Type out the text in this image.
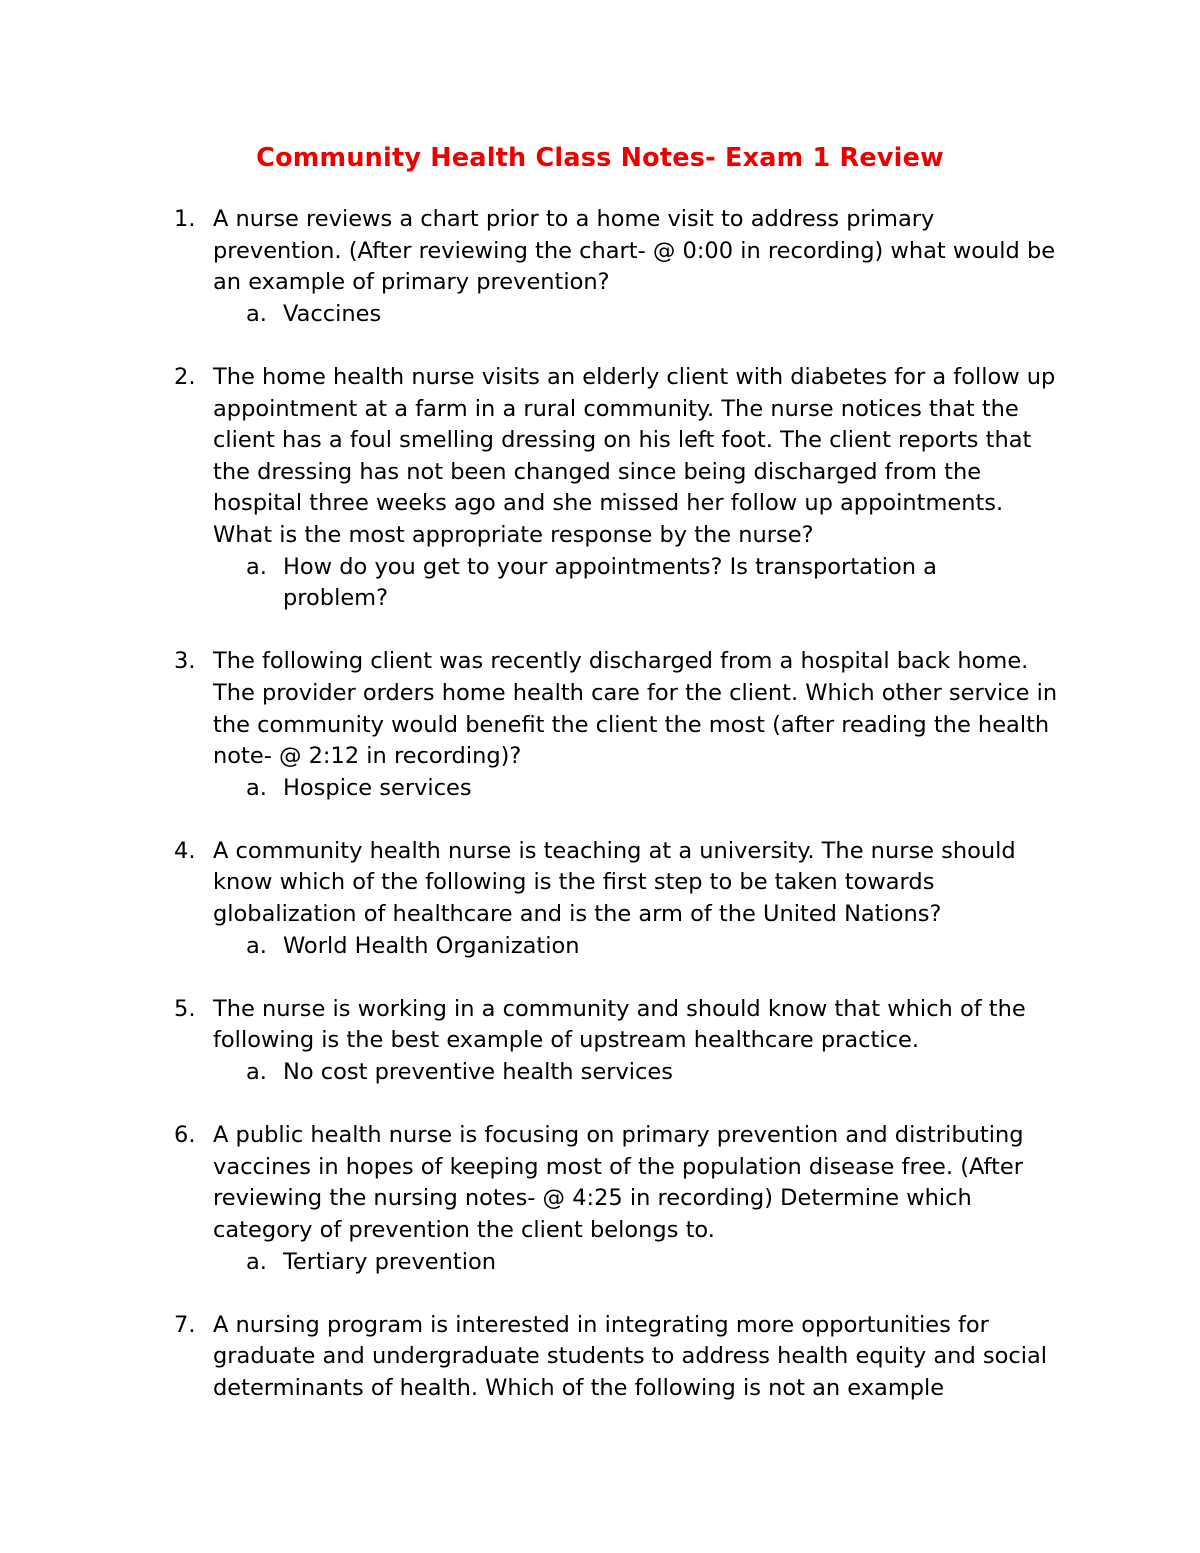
Community Health Class Notes- Exam 1 Review
1. A nurse reviews a chart prior to a home visit to address primary prevention. (After reviewing the chart- @ 0:00 in recording) what would be an example of primary prevention?
a. Vaccines
2. The home health nurse visits an elderly client with diabetes for a follow up appointment at a farm in a rural community. The nurse notices that the client has a foul smelling dressing on his left foot. The client reports that the dressing has not been changed since being discharged from the hospital three weeks ago and she missed her follow up appointments. What is the most appropriate response by the nurse?
a. How do you get to your appointments? Is transportation a problem?
3. The following client was recently discharged from a hospital back home. The provider orders home health care for the client. Which other service in the community would benefit the client the most (after reading the health note- @ 2:12 in recording)?
a. Hospice services
4. A community health nurse is teaching at a university. The nurse should know which of the following is the first step to be taken towards globalization of healthcare and is the arm of the United Nations?
a. World Health Organization
5. The nurse is working in a community and should know that which of the following is the best example of upstream healthcare practice.
a. No cost preventive health services
6. A public health nurse is focusing on primary prevention and distributing vaccines in hopes of keeping most of the population disease free. (After reviewing the nursing notes- @ 4:25 in recording) Determine which category of prevention the client belongs to.
a. Tertiary prevention
7. A nursing program is interested in integrating more opportunities for graduate and undergraduate students to address health equity and social determinants of health. Which of the following is not an example
